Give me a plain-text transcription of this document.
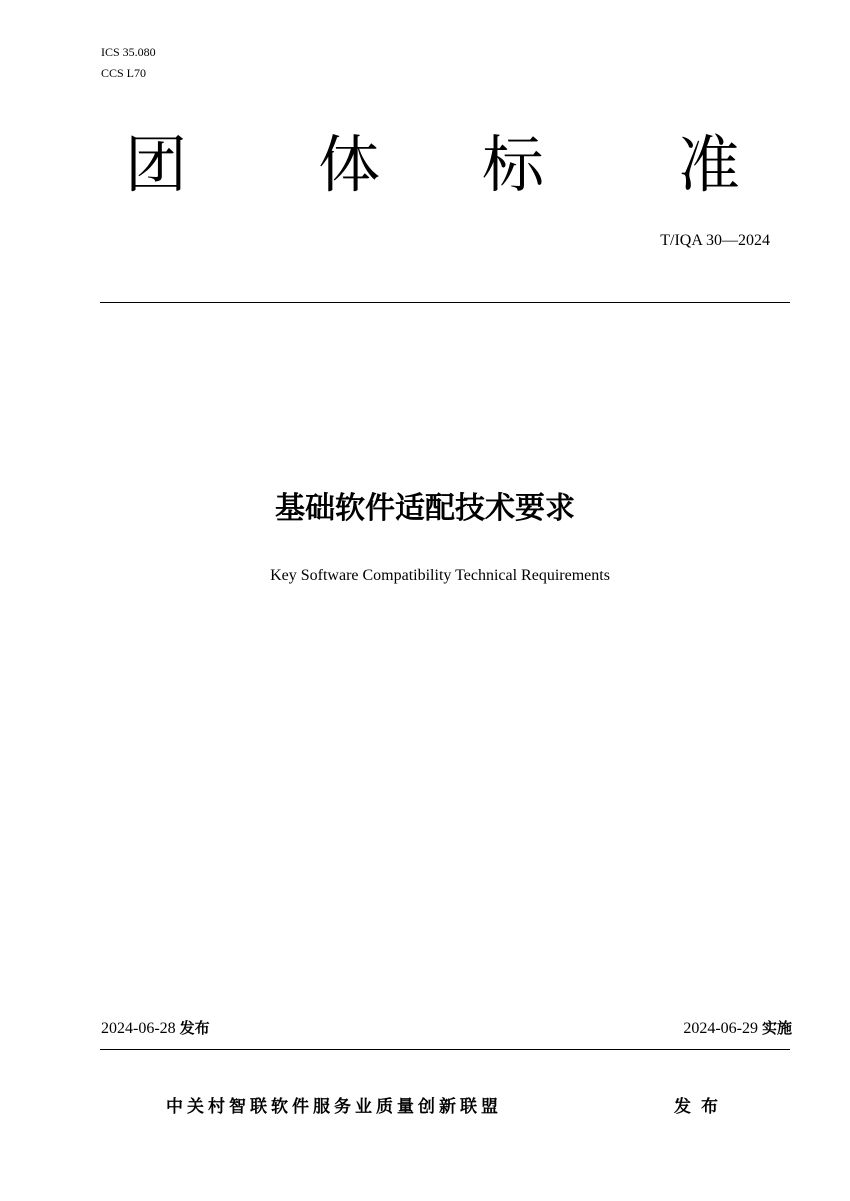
ICS 35.080
CCS L70
团 体 标 准
T/IQA 30—2024
基础软件适配技术要求
Key Software Compatibility Technical Requirements
2024-06-28 发布	2024-06-29 实施
中关村智联软件服务业质量创新联盟	发布
